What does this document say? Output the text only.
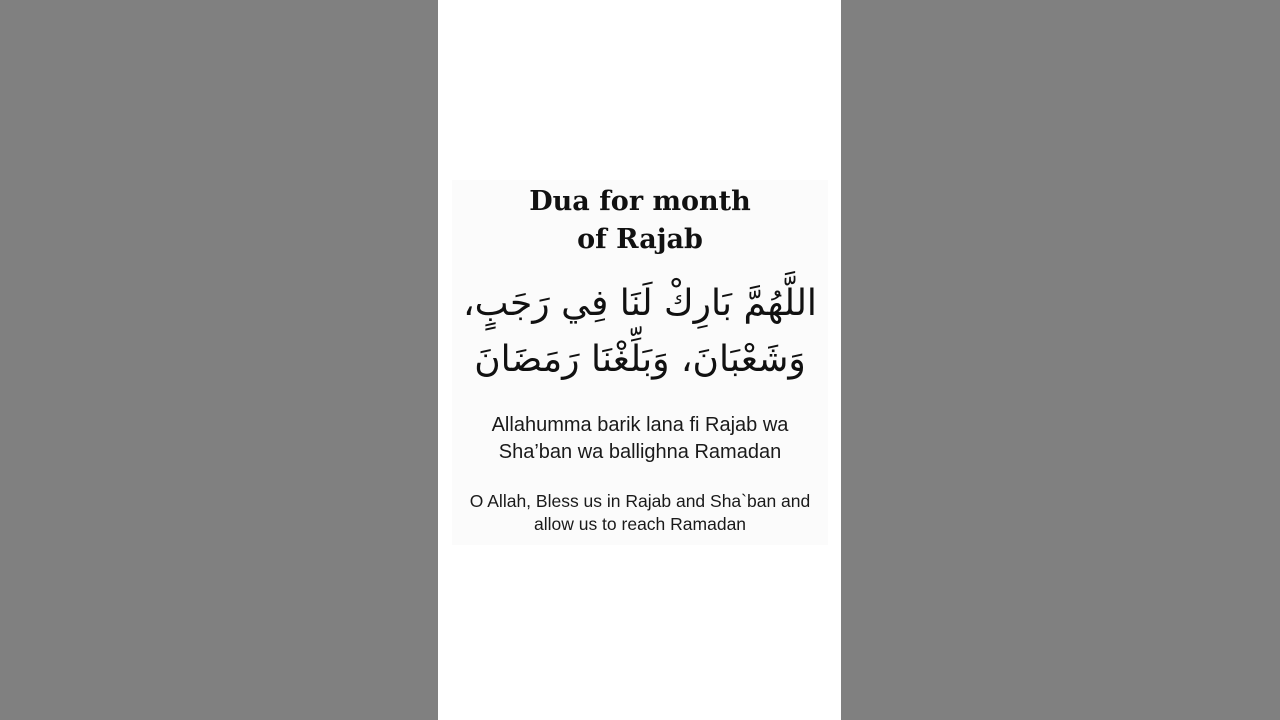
Dua for month
of Rajab
اللَّهُمَّ بَارِكْ لَنَا فِي رَجَبٍ،
وَشَعْبَانَ، وَبَلِّغْنَا رَمَضَانَ
Allahumma barik lana fi Rajab wa
Sha’ban wa ballighna Ramadan
O Allah, Bless us in Rajab and Sha`ban and
allow us to reach Ramadan
